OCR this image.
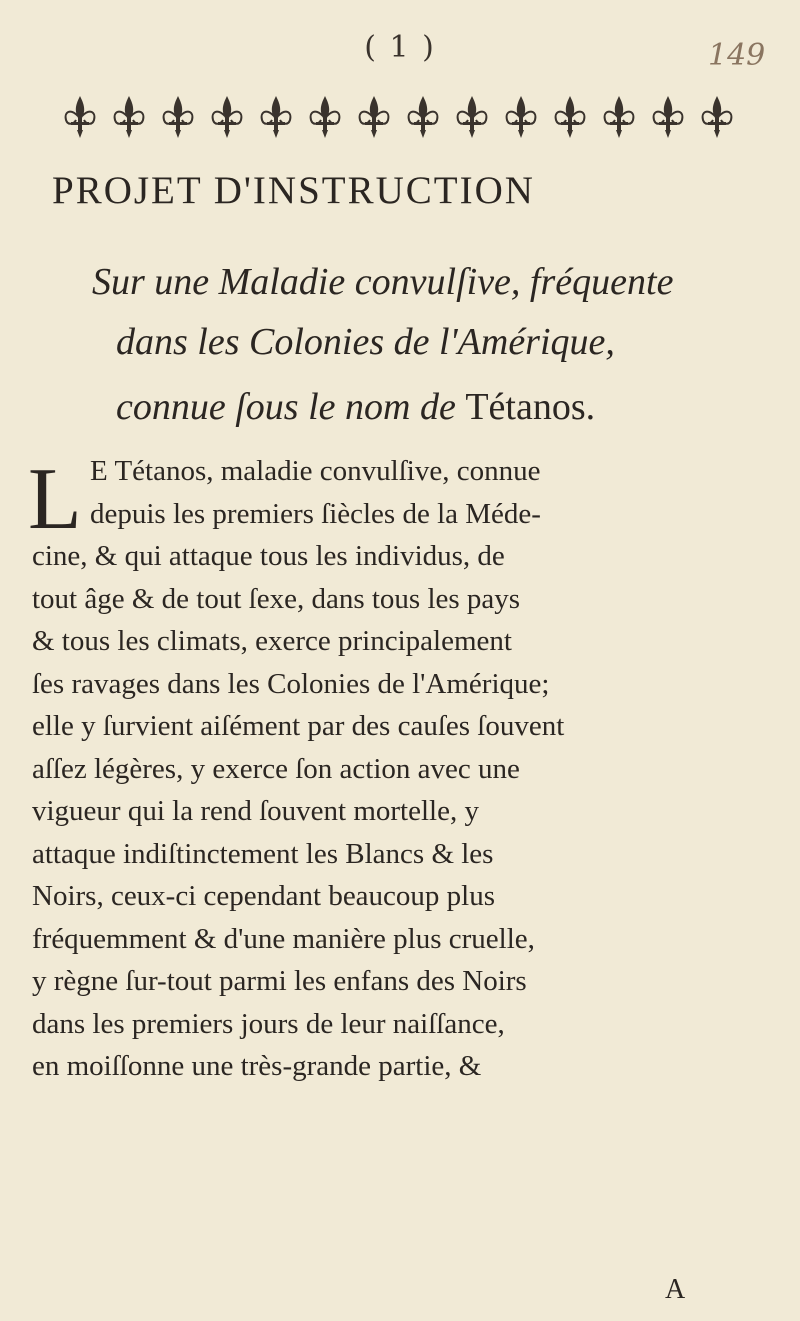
( 1 )	149
PROJET D'INSTRUCTION
Sur une Maladie convulſive, fréquente
dans les Colonies de l'Amérique,
connue ſous le nom de Tétanos.
L E Tétanos, maladie convulſive, connue
depuis les premiers ſiècles de la Méde-
cine, & qui attaque tous les individus, de
tout âge & de tout ſexe, dans tous les pays
& tous les climats, exerce principalement
ſes ravages dans les Colonies de l'Amérique;
elle y ſurvient aiſément par des cauſes ſouvent
aſſez légères, y exerce ſon action avec une
vigueur qui la rend ſouvent mortelle, y
attaque indiſtinctement les Blancs & les
Noirs, ceux-ci cependant beaucoup plus
fréquemment & d'une manière plus cruelle,
y règne ſur-tout parmi les enfans des Noirs
dans les premiers jours de leur naiſſance,
en moiſſonne une très-grande partie, &
A
